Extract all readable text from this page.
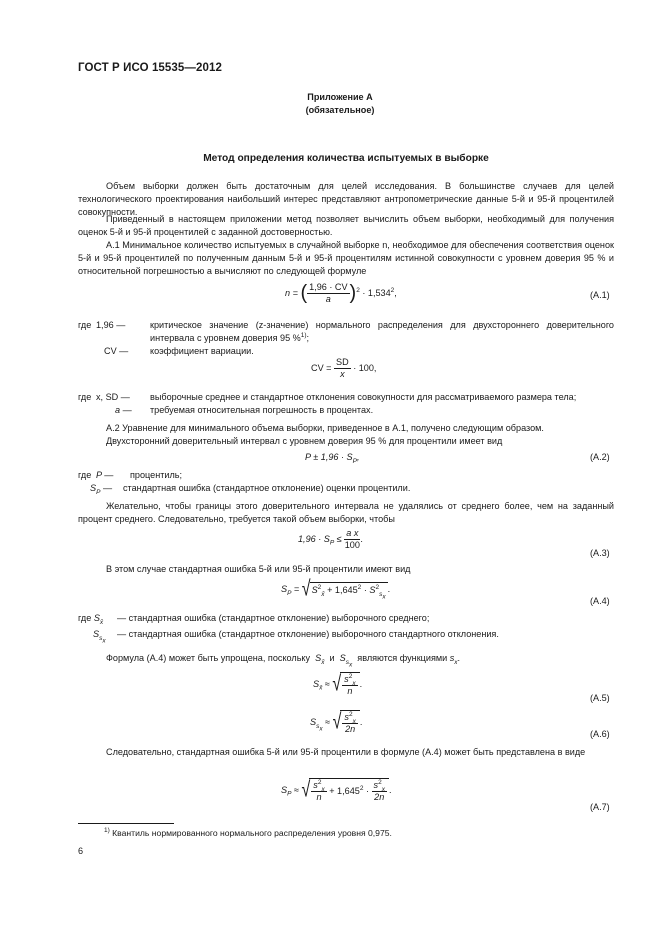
ГОСТ Р ИСО 15535—2012
Приложение А
(обязательное)
Метод определения количества испытуемых в выборке
Объем выборки должен быть достаточным для целей исследования. В большинстве случаев для целей технологического проектирования наибольший интерес представляют антропометрические данные 5-й и 95-й процентилей совокупности.
Приведенный в настоящем приложении метод позволяет вычислить объем выборки, необходимый для получения оценок 5-й и 95-й процентилей с заданной достоверностью.
А.1 Минимальное количество испытуемых в случайной выборке n, необходимое для обеспечения соответствия оценок 5-й и 95-й процентилей по полученным данным 5-й и 95-й процентилям истинной совокупности с уровнем доверия 95 % и относительной погрешностью a вычисляют по следующей формуле
n = ( $\frac{1,96 \cdot CV}{a} )^2 \cdot 1,534^2$,	(А.1)
где 1,96 —	критическое значение (z-значение) нормального распределения для двухстороннего доверительного интервала с уровнем доверия 95 %$^{1)}$;
CV — коэффициент вариации.
CV = $\frac{SD}{x} \cdot 100$,
где x, SD — выборочные среднее и стандартное отклонения совокупности для рассматриваемого размера тела;
a — требуемая относительная погрешность в процентах.
А.2 Уравнение для минимального объема выборки, приведенное в А.1, получено следующим образом.
Двухсторонний доверительный интервал с уровнем доверия 95 % для процентили имеет вид
$P \pm 1,96 \cdot S_P$,	(А.2)
где P — процентиль;
$S_P$ — стандартная ошибка (стандартное отклонение) оценки процентили.
Желательно, чтобы границы этого доверительного интервала не удалялись от среднего более, чем на заданный процент среднего. Следовательно, требуется такой объем выборки, чтобы
$1,96 \cdot S_P \le \frac{\text{a x}}{100}$ .
(А.3)
В этом случае стандартная ошибка 5-й или 95-й процентили имеют вид
$S_P = √S^2_{x̄} + 1,645^2 \cdot S^2_{s_x}$.
(А.4)
где $S_{x̄}$ — стандартная ошибка (стандартное отклонение) выборочного среднего;
$S_{s_x}$
— стандартная ошибка (стандартное отклонение) выборочного стандартного отклонения.
Формула (А.4) может быть упрощена, поскольку $S_{x̄}$  и  $S_{s_x}$  являются функциями $s_x$.
$S_{x̄}$ ≈ √ $\frac{s^2_x}{n}$ .
(А.5)
$S_{s_x}$ ≈ √ $\frac{s^2_x}{2n}$ .
(А.6)
Следовательно, стандартная ошибка 5-й или 95-й процентили в формуле (А.4) может быть представлена в виде
$S_P$ ≈ √ $\frac{s^2_x}{n} + 1,645^2 \cdot \frac{s^2_x}{2n}$ .
(А.7)
$^{1)}$ Квантиль нормированного нормального распределения уровня 0,975.
6
